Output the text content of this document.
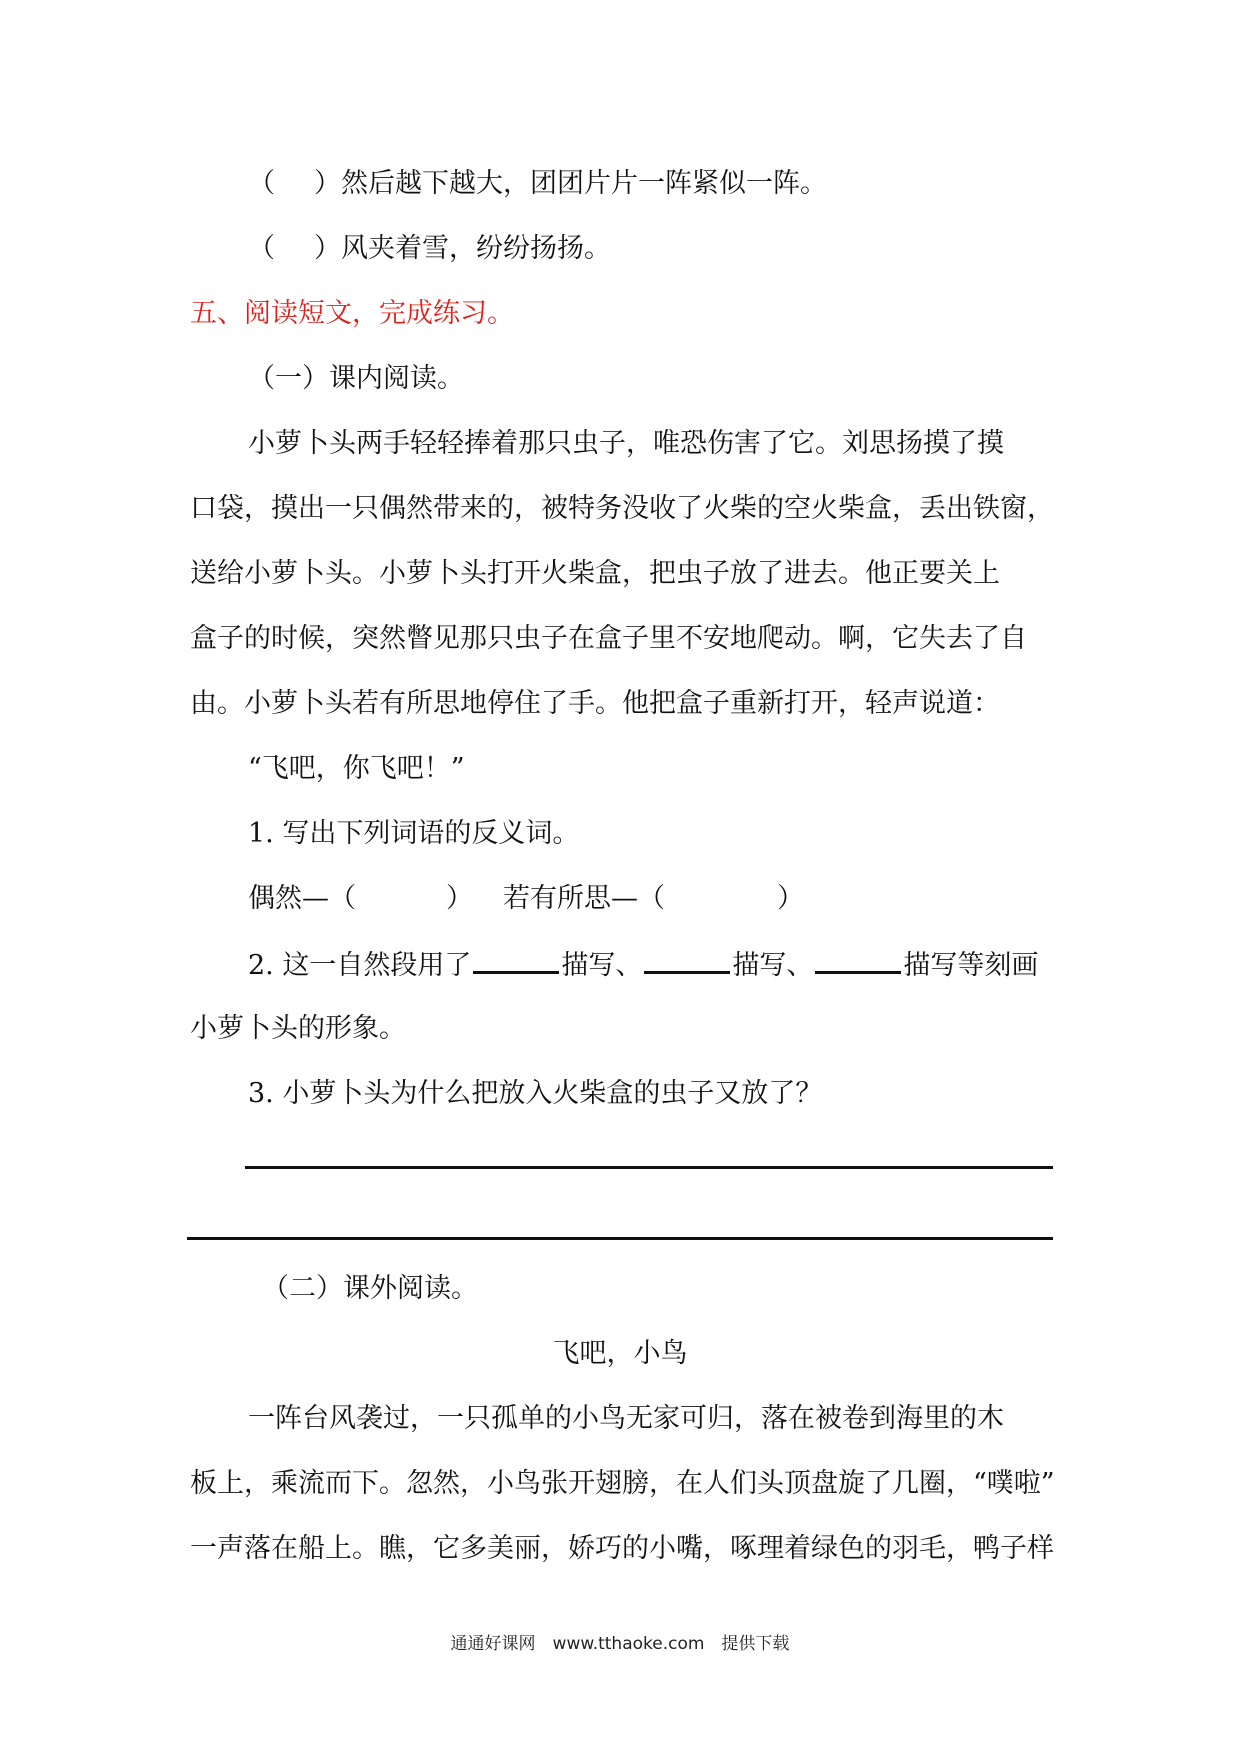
（ ）然后越下越大，团团片片一阵紧似一阵。
（ ）风夹着雪，纷纷扬扬。
五、阅读短文，完成练习。
（一）课内阅读。
小萝卜头两手轻轻捧着那只虫子，唯恐伤害了它。刘思扬摸了摸
口袋，摸出一只偶然带来的，被特务没收了火柴的空火柴盒，丢出铁窗，
送给小萝卜头。小萝卜头打开火柴盒，把虫子放了进去。他正要关上
盒子的时候，突然瞥见那只虫子在盒子里不安地爬动。啊，它失去了自
由。小萝卜头若有所思地停住了手。他把盒子重新打开，轻声说道：
“飞吧，你飞吧！”
1. 写出下列词语的反义词。
偶然—（	） 若有所思—（	）
2. 这一自然段用了	描写、	描写、	描写等刻画
小萝卜头的形象。
3. 小萝卜头为什么把放入火柴盒的虫子又放了？
（二）课外阅读。
飞吧，小鸟
一阵台风袭过，一只孤单的小鸟无家可归，落在被卷到海里的木
板上，乘流而下。忽然，小鸟张开翅膀，在人们头顶盘旋了几圈，“噗啦”
一声落在船上。瞧，它多美丽，娇巧的小嘴，啄理着绿色的羽毛，鸭子样
通通好课网　www.tthaoke.com　提供下载
